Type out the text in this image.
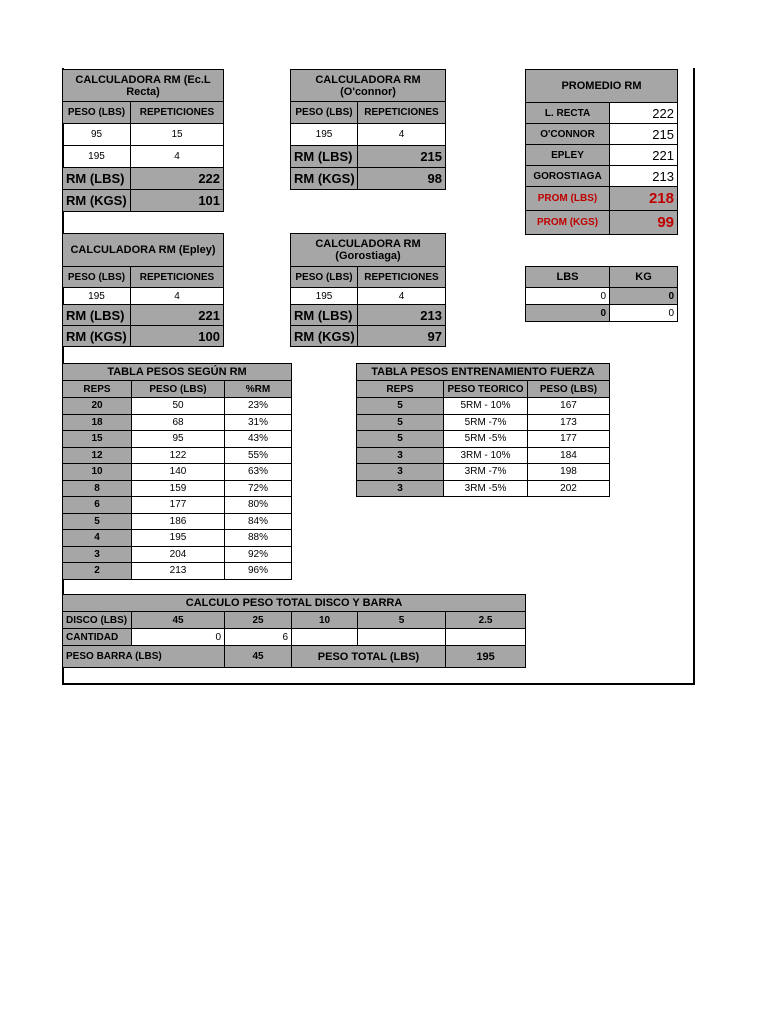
CALCULADORA RM (Ec.L Recta)	
PESO (LBS)	REPETICIONES
95	15
195	4
RM (LBS)	222
RM (KGS)	101
CALCULADORA RM (O'connor)	
PESO (LBS)	REPETICIONES
195	4
RM (LBS)	215
RM (KGS)	98
PROMEDIO RM	
L. RECTA	222
O'CONNOR	215
EPLEY	221
GOROSTIAGA	213
PROM (LBS)	218
PROM (KGS)	99
CALCULADORA RM (Epley)	
PESO (LBS)	REPETICIONES
195	4
RM (LBS)	221
RM (KGS)	100
CALCULADORA RM (Gorostiaga)	
PESO (LBS)	REPETICIONES
195	4
RM (LBS)	213
RM (KGS)	97
LBS	KG
0	0
0	0
TABLA PESOS SEGÚN RM		
REPS	PESO (LBS)	%RM
20	50	23%
18	68	31%
15	95	43%
12	122	55%
10	140	63%
8	159	72%
6	177	80%
5	186	84%
4	195	88%
3	204	92%
2	213	96%
TABLA PESOS ENTRENAMIENTO FUERZA		
REPS	PESO TEORICO	PESO (LBS)
5	5RM - 10%	167
5	5RM -7%	173
5	5RM -5%	177
3	3RM - 10%	184
3	3RM -7%	198
3	3RM -5%	202
CALCULO PESO TOTAL DISCO Y BARRA					
DISCO (LBS)	45	25	10	5	2.5
CANTIDAD	0	6			
PESO BARRA (LBS)		45	PESO TOTAL (LBS)		195
